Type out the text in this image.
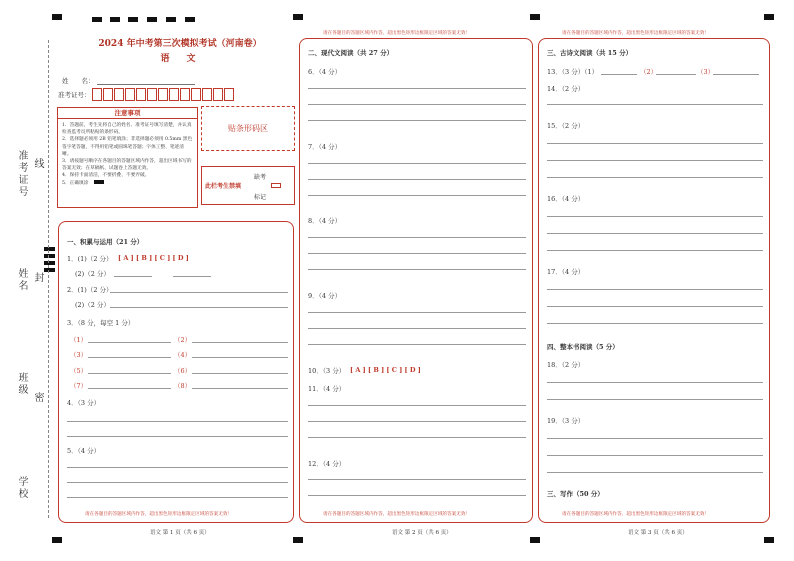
准考证号 线
姓名 封
班级
密
学校
2024 年中考第三次模拟考试（河南卷）
语　文
姓　　名：
准考证号：
注意事项
1．答题前，考生先将自己的姓名、准考证号填写清楚，并认真检查监考员所粘贴的条形码。
2．选择题必须用 2B 铅笔填涂；非选择题必须用 0.5mm 黑色签字笔答题，不得用铅笔或圆珠笔答题；字体工整、笔迹清晰。
3．请按题号顺序在各题目的答题区域内作答，超出区域书写的答案无效；在草稿纸、试题卷上答题无效。
4．保持卡面清洁，不要折叠、不要弄破。
5．正确填涂
贴条形码区
此栏考生禁填
缺考
标记
一、积累与运用（21 分）
1．(1)（2 分） [ A ] [ B ] [ C ] [ D ]
(2)（2 分）
2．(1)（2 分）
(2)（2 分）
3．（8 分，每空 1 分）
（1）	（2）
（3）	（4）
（5）	（6）
（7）	（8）
4．（3 分）
5．（4 分）
请在各题目的答题区域内作答，超出黑色矩形边框限定区域的答案无效！
语文 第 1 页（共 6 页）
请在各题目的答题区域内作答，超出黑色矩形边框限定区域的答案无效！
二、现代文阅读（共 27 分）
6．（4 分）
7．（4 分）
8．（4 分）
9．（4 分）
10．（3 分） [ A ] [ B ] [ C ] [ D ]
11．（4 分）
12．（4 分）
请在各题目的答题区域内作答，超出黑色矩形边框限定区域的答案无效！
语文 第 2 页（共 6 页）
请在各题目的答题区域内作答，超出黑色矩形边框限定区域的答案无效！
三、古诗文阅读（共 15 分）
13．（3 分）（1）	（2）	（3）
14．（2 分）
15．（2 分）
16．（4 分）
17．（4 分）
四、整本书阅读（5 分）
18．（2 分）
19．（3 分）
三、写作（50 分）
请在各题目的答题区域内作答，超出黑色矩形边框限定区域的答案无效！
语文 第 3 页（共 6 页）
